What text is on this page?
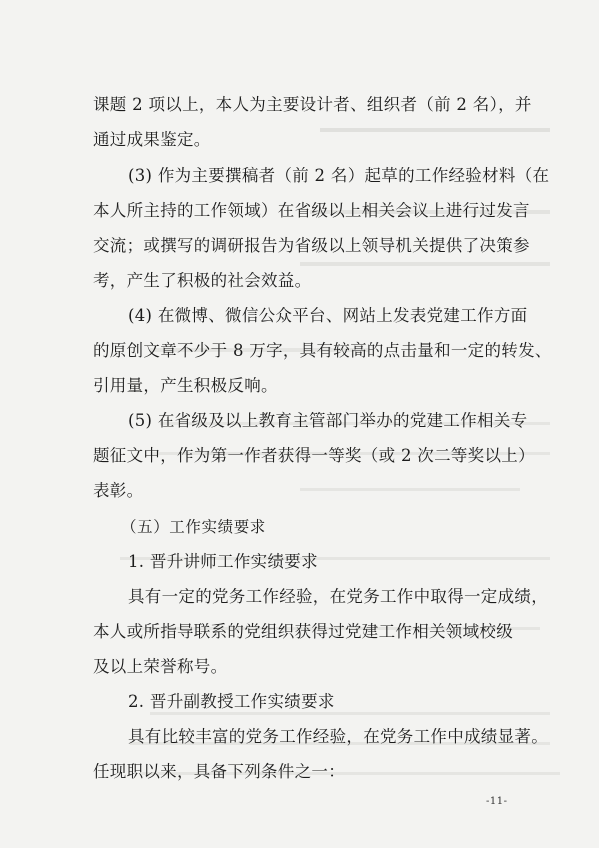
课题 2 项以上，本人为主要设计者、组织者（前 2 名），并
通过成果鉴定。
(3) 作为主要撰稿者（前 2 名）起草的工作经验材料（在
本人所主持的工作领域）在省级以上相关会议上进行过发言
交流；或撰写的调研报告为省级以上领导机关提供了决策参
考，产生了积极的社会效益。
(4) 在微博、微信公众平台、网站上发表党建工作方面
的原创文章不少于 8 万字，具有较高的点击量和一定的转发、
引用量，产生积极反响。
(5) 在省级及以上教育主管部门举办的党建工作相关专
题征文中，作为第一作者获得一等奖（或 2 次二等奖以上）
表彰。
（五）工作实绩要求
1. 晋升讲师工作实绩要求
具有一定的党务工作经验，在党务工作中取得一定成绩，
本人或所指导联系的党组织获得过党建工作相关领域校级
及以上荣誉称号。
2. 晋升副教授工作实绩要求
具有比较丰富的党务工作经验，在党务工作中成绩显著。
任现职以来，具备下列条件之一：
-11-
